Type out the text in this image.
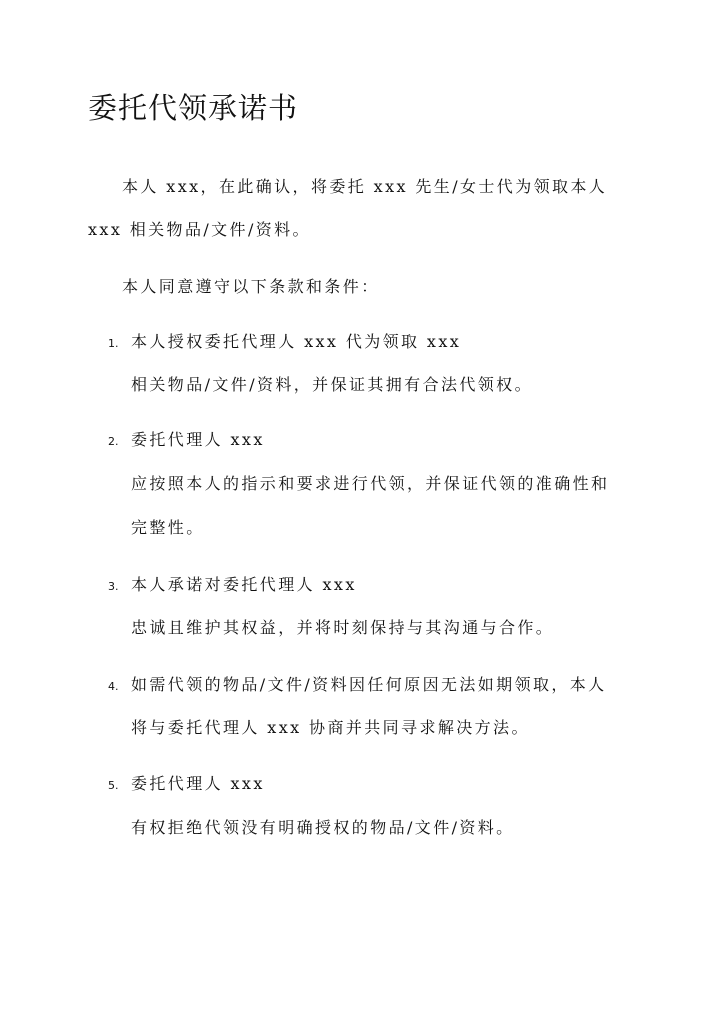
委托代领承诺书
本人 xxx，在此确认，将委托 xxx 先生/女士代为领取本人
xxx 相关物品/文件/资料。
本人同意遵守以下条款和条件：
1. 本人授权委托代理人 xxx 代为领取 xxx
相关物品/文件/资料，并保证其拥有合法代领权。
2. 委托代理人 xxx
应按照本人的指示和要求进行代领，并保证代领的准确性和
完整性。
3. 本人承诺对委托代理人 xxx
忠诚且维护其权益，并将时刻保持与其沟通与合作。
4. 如需代领的物品/文件/资料因任何原因无法如期领取，本人
将与委托代理人 xxx 协商并共同寻求解决方法。
5. 委托代理人 xxx
有权拒绝代领没有明确授权的物品/文件/资料。
